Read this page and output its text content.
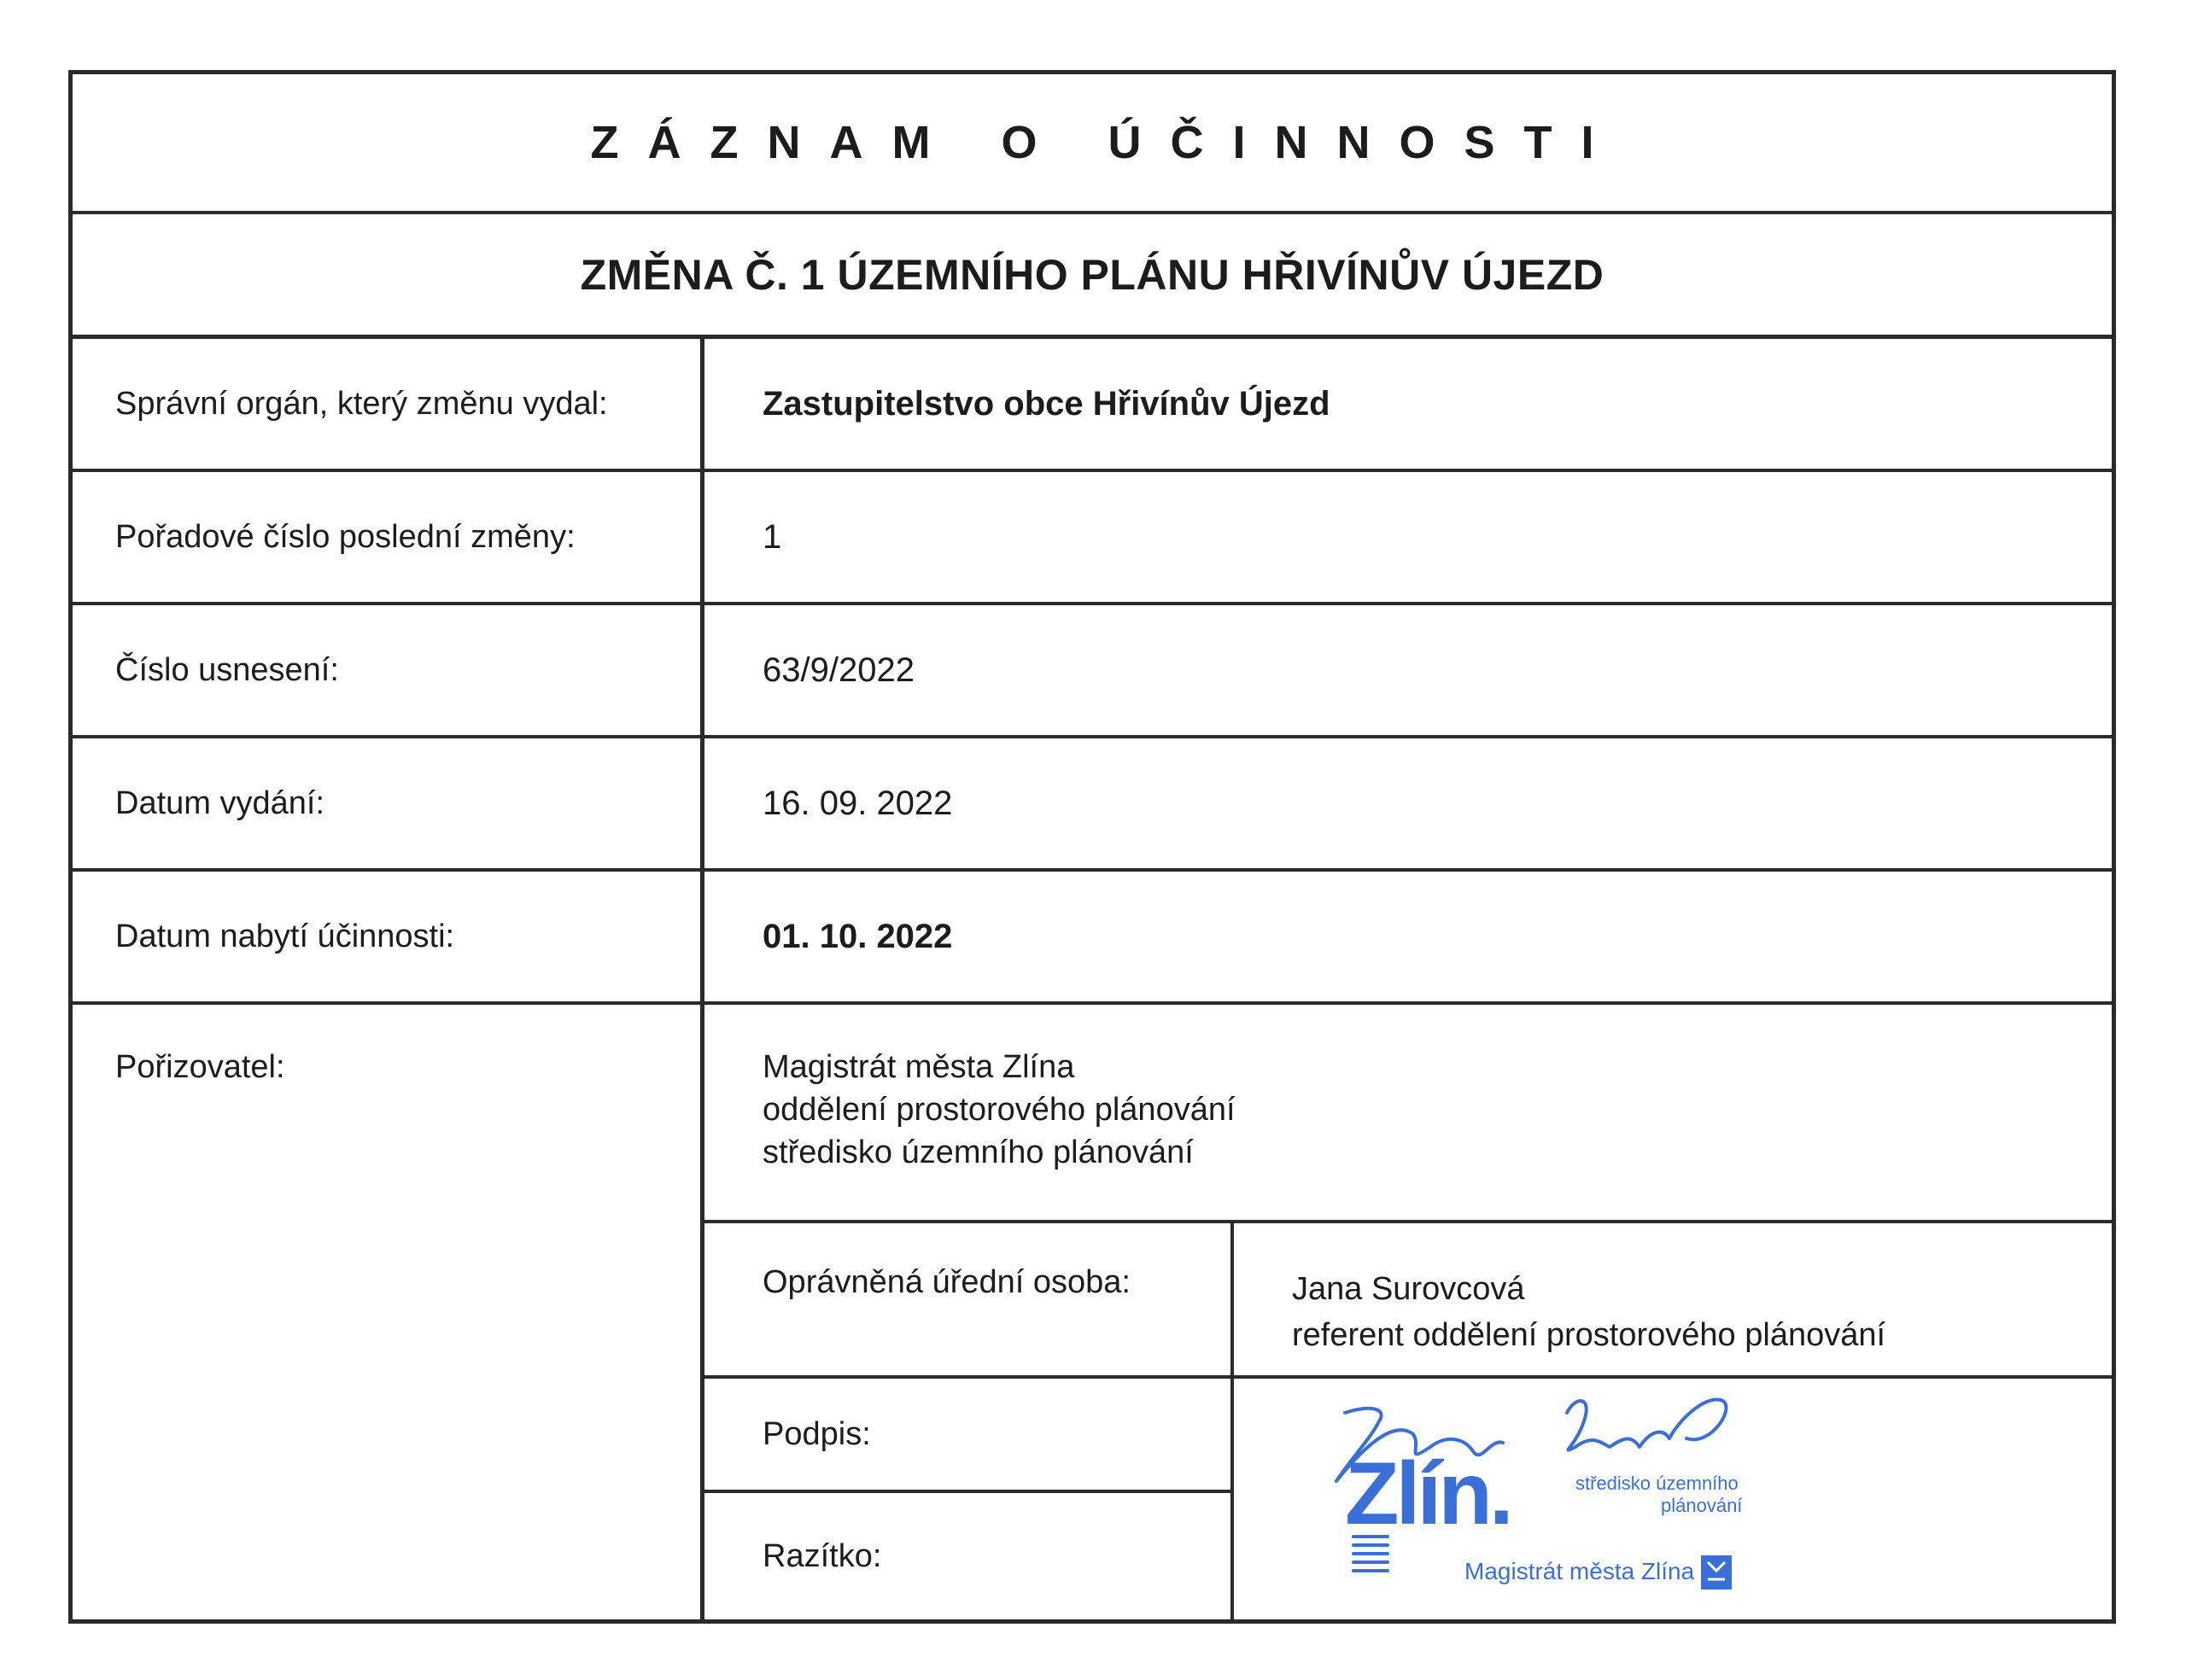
ZÁZNAM O ÚČINNOSTI
ZMĚNA Č. 1 ÚZEMNÍHO PLÁNU HŘIVÍNŮV ÚJEZD
Správní orgán, který změnu vydal:	Zastupitelstvo obce Hřivínův Újezd
Pořadové číslo poslední změny:	1
Číslo usnesení:	63/9/2022
Datum vydání:	16. 09. 2022
Datum nabytí účinnosti:	01. 10. 2022
Pořizovatel:	Magistrát města Zlína
oddělení prostorového plánování
středisko územního plánování
Oprávněná úřední osoba:	Jana Surovcová
referent oddělení prostorového plánování
Podpis:
Razítko:
Zlín.	středisko územního
plánování
Magistrát města Zlína
